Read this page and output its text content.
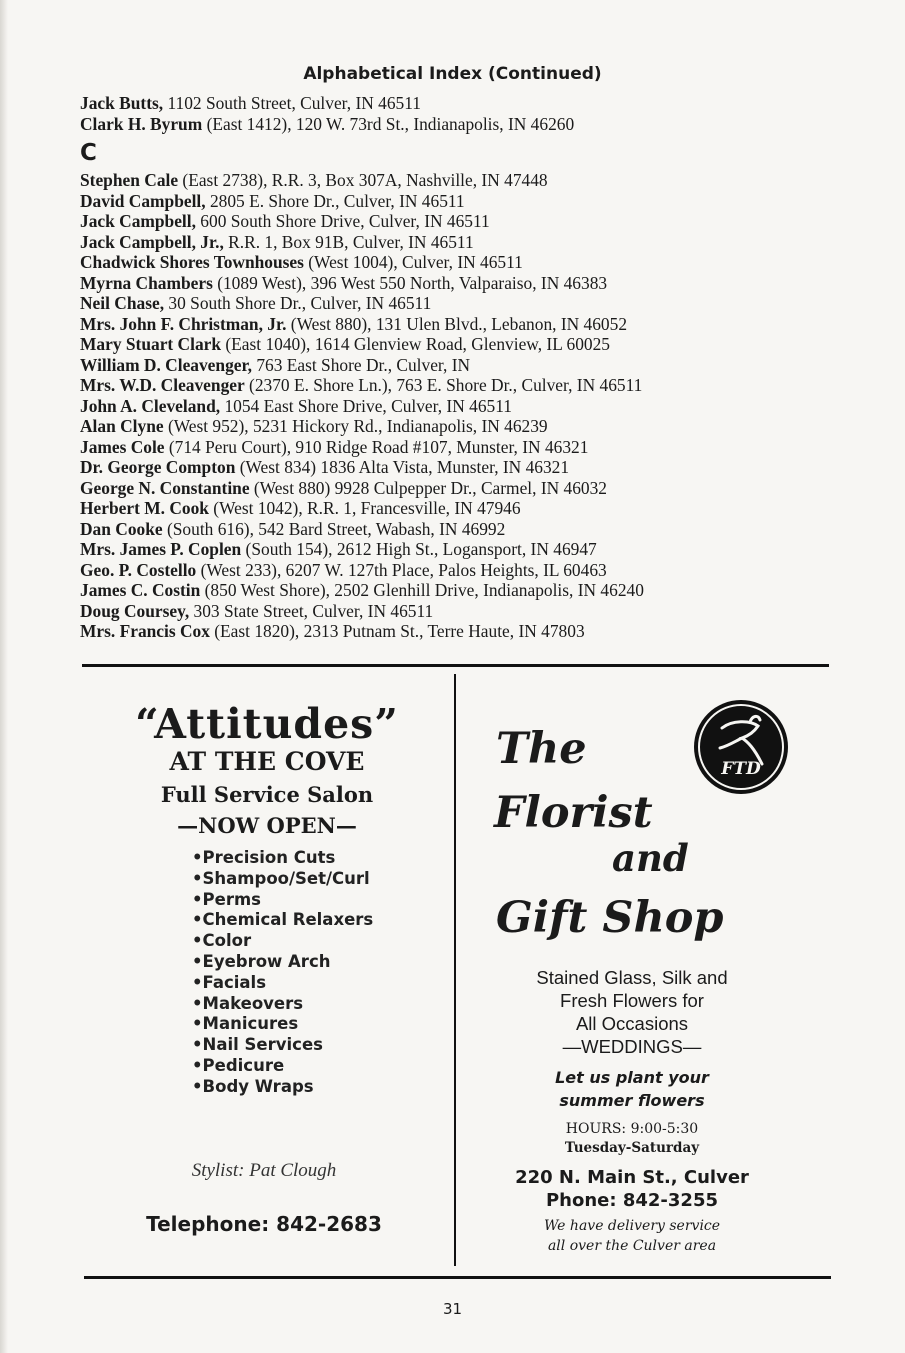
Alphabetical Index (Continued)
Jack Butts, 1102 South Street, Culver, IN 46511
Clark H. Byrum (East 1412), 120 W. 73rd St., Indianapolis, IN 46260
C
Stephen Cale (East 2738), R.R. 3, Box 307A, Nashville, IN 47448
David Campbell, 2805 E. Shore Dr., Culver, IN 46511
Jack Campbell, 600 South Shore Drive, Culver, IN 46511
Jack Campbell, Jr., R.R. 1, Box 91B, Culver, IN 46511
Chadwick Shores Townhouses (West 1004), Culver, IN 46511
Myrna Chambers (1089 West), 396 West 550 North, Valparaiso, IN 46383
Neil Chase, 30 South Shore Dr., Culver, IN 46511
Mrs. John F. Christman, Jr. (West 880), 131 Ulen Blvd., Lebanon, IN 46052
Mary Stuart Clark (East 1040), 1614 Glenview Road, Glenview, IL 60025
William D. Cleavenger, 763 East Shore Dr., Culver, IN
Mrs. W.D. Cleavenger (2370 E. Shore Ln.), 763 E. Shore Dr., Culver, IN 46511
John A. Cleveland, 1054 East Shore Drive, Culver, IN 46511
Alan Clyne (West 952), 5231 Hickory Rd., Indianapolis, IN 46239
James Cole (714 Peru Court), 910 Ridge Road #107, Munster, IN 46321
Dr. George Compton (West 834) 1836 Alta Vista, Munster, IN 46321
George N. Constantine (West 880) 9928 Culpepper Dr., Carmel, IN 46032
Herbert M. Cook (West 1042), R.R. 1, Francesville, IN 47946
Dan Cooke (South 616), 542 Bard Street, Wabash, IN 46992
Mrs. James P. Coplen (South 154), 2612 High St., Logansport, IN 46947
Geo. P. Costello (West 233), 6207 W. 127th Place, Palos Heights, IL 60463
James C. Costin (850 West Shore), 2502 Glenhill Drive, Indianapolis, IN 46240
Doug Coursey, 303 State Street, Culver, IN 46511
Mrs. Francis Cox (East 1820), 2313 Putnam St., Terre Haute, IN 47803
“Attitudes”
AT THE COVE
Full Service Salon
—NOW OPEN—
•Precision Cuts
•Shampoo/Set/Curl
•Perms
•Chemical Relaxers
•Color
•Eyebrow Arch
•Facials
•Makeovers
•Manicures
•Nail Services
•Pedicure
•Body Wraps
Stylist: Pat Clough
Telephone: 842-2683
The
Florist
and
Gift Shop
FTD
Stained Glass, Silk and
Fresh Flowers for
All Occasions
—WEDDINGS—
Let us plant your
summer flowers
HOURS: 9:00-5:30
Tuesday-Saturday
220 N. Main St., Culver
Phone: 842-3255
We have delivery service
all over the Culver area
31
